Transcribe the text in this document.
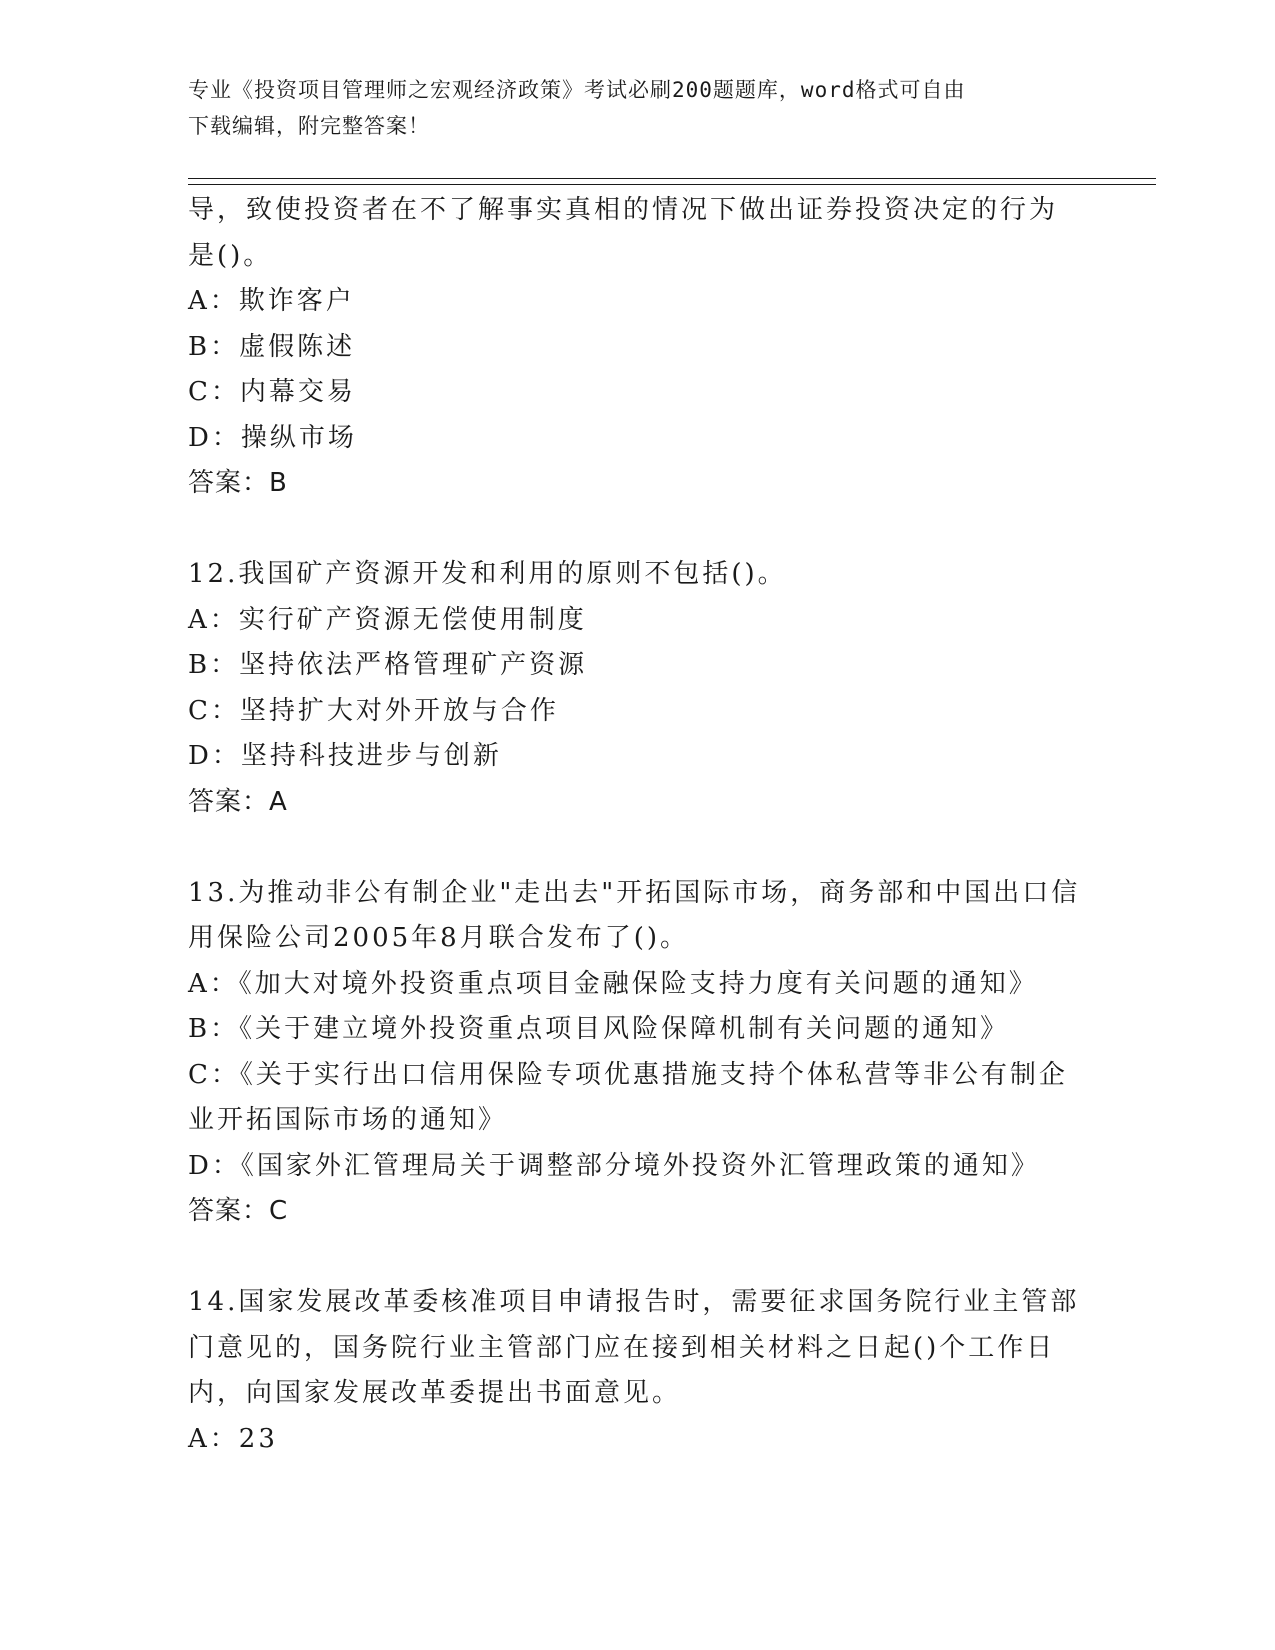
专业《投资项目管理师之宏观经济政策》考试必刷200题题库，word格式可自由
下载编辑，附完整答案！
导，致使投资者在不了解事实真相的情况下做出证券投资决定的行为
是()。
A：欺诈客户
B：虚假陈述
C：内幕交易
D：操纵市场
答案：B
12.我国矿产资源开发和利用的原则不包括()。
A：实行矿产资源无偿使用制度
B：坚持依法严格管理矿产资源
C：坚持扩大对外开放与合作
D：坚持科技进步与创新
答案：A
13.为推动非公有制企业"走出去"开拓国际市场，商务部和中国出口信
用保险公司2005年8月联合发布了()。
A：《加大对境外投资重点项目金融保险支持力度有关问题的通知》
B：《关于建立境外投资重点项目风险保障机制有关问题的通知》
C：《关于实行出口信用保险专项优惠措施支持个体私营等非公有制企
业开拓国际市场的通知》
D：《国家外汇管理局关于调整部分境外投资外汇管理政策的通知》
答案：C
14.国家发展改革委核准项目申请报告时，需要征求国务院行业主管部
门意见的，国务院行业主管部门应在接到相关材料之日起()个工作日
内，向国家发展改革委提出书面意见。
A：23
